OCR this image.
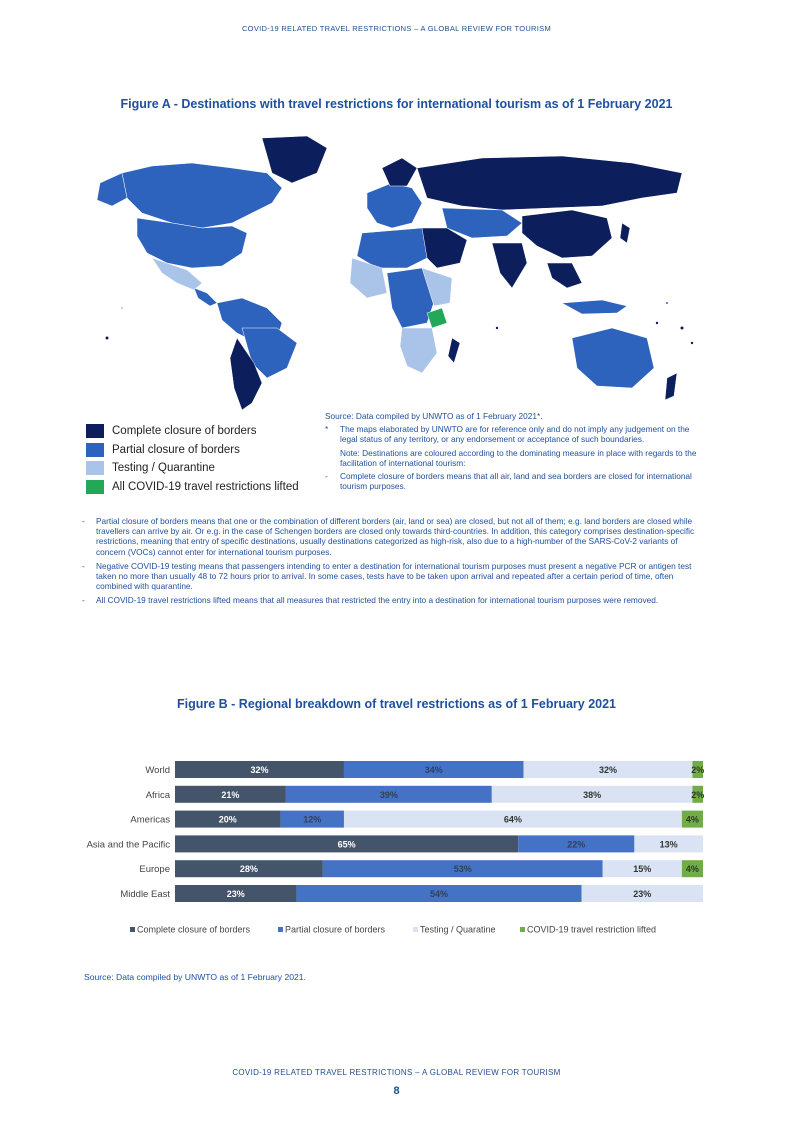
COVID-19 RELATED TRAVEL RESTRICTIONS – A GLOBAL REVIEW FOR TOURISM
Figure A - Destinations with travel restrictions for international tourism as of 1 February 2021
Complete closure of borders
Partial closure of borders
Testing / Quarantine
All COVID-19 travel restrictions lifted

Source: Data compiled by UNWTO as of 1 February 2021*.

*	The maps elaborated by UNWTO are for reference only and do not imply any judgement on the legal status of any territory, or any endorsement or acceptance of such boundaries.

Note: Destinations are coloured according to the dominating measure in place with regards to the facilitation of international tourism:

-	Complete closure of borders means that all air, land and sea borders are closed for international tourism purposes.
-	Partial closure of borders means that one or the combination of different borders (air, land or sea) are closed, but not all of them; e.g. land borders are closed while travellers can arrive by air. Or e.g. in the case of Schengen borders are closed only towards third-countries. In addition, this category comprises destination-specific restrictions, meaning that entry of specific destinations, usually destinations categorized as high-risk, also due to a high-number of the SARS-CoV-2 variants of concern (VOCs) cannot enter for international tourism purposes.
-	Negative COVID-19 testing means that passengers intending to enter a destination for international tourism purposes must present a negative PCR or antigen test taken no more than usually 48 to 72 hours prior to arrival. In some cases, tests have to be taken upon arrival and repeated after a certain period of time, often combined with quarantine.
-	All COVID-19 travel restrictions lifted means that all measures that restricted the entry into a destination for international tourism purposes were removed.
Figure B - Regional breakdown of travel restrictions as of 1 February 2021
World	32%	34%	32%	2%
Africa	21%	39%	38%	2%
Americas	20%	12%	64%	4%
Asia and the Pacific	65%	22%	13%
Europe	28%	53%	15%	4%
Middle East	23%	54%	23%
Complete closure of borders	Partial closure of borders	Testing / Quaratine	COVID-19 travel restriction lifted
Source: Data compiled by UNWTO as of 1 February 2021.
COVID-19 RELATED TRAVEL RESTRICTIONS – A GLOBAL REVIEW FOR TOURISM
8
